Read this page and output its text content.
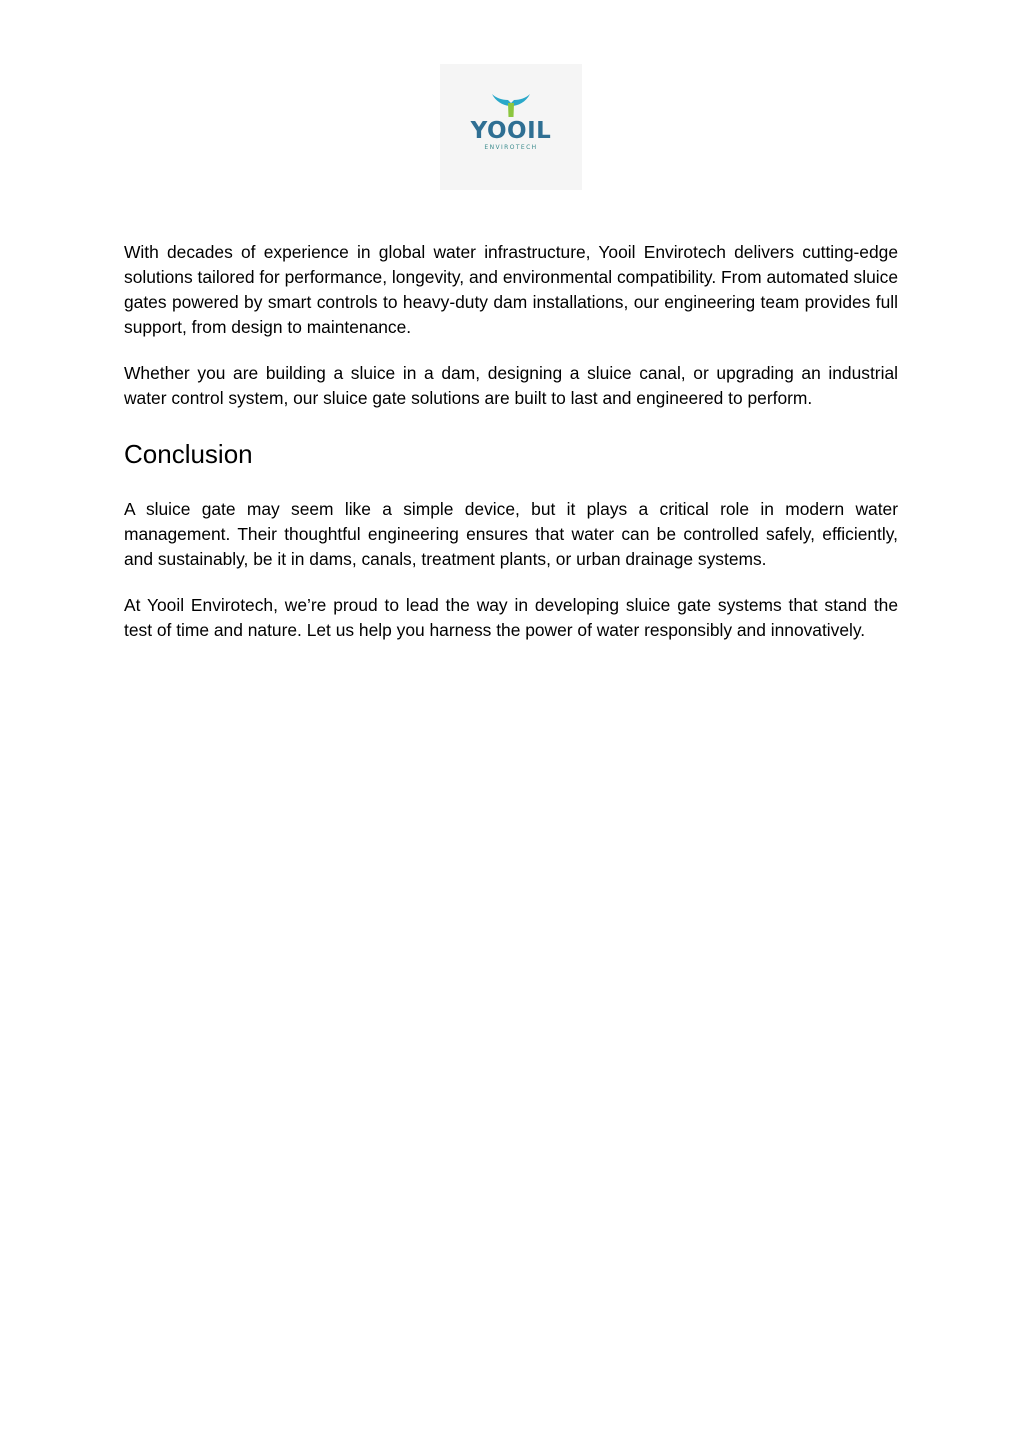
YOOIL
ENVIROTECH

With decades of experience in global water infrastructure, Yooil Envirotech delivers cutting-edge solutions tailored for performance, longevity, and environmental compatibility. From automated sluice gates powered by smart controls to heavy-duty dam installations, our engineering team provides full support, from design to maintenance.

Whether you are building a sluice in a dam, designing a sluice canal, or upgrading an industrial water control system, our sluice gate solutions are built to last and engineered to perform.

Conclusion

A sluice gate may seem like a simple device, but it plays a critical role in modern water management. Their thoughtful engineering ensures that water can be controlled safely, efficiently, and sustainably, be it in dams, canals, treatment plants, or urban drainage systems.

At Yooil Envirotech, we’re proud to lead the way in developing sluice gate systems that stand the test of time and nature. Let us help you harness the power of water responsibly and innovatively.
